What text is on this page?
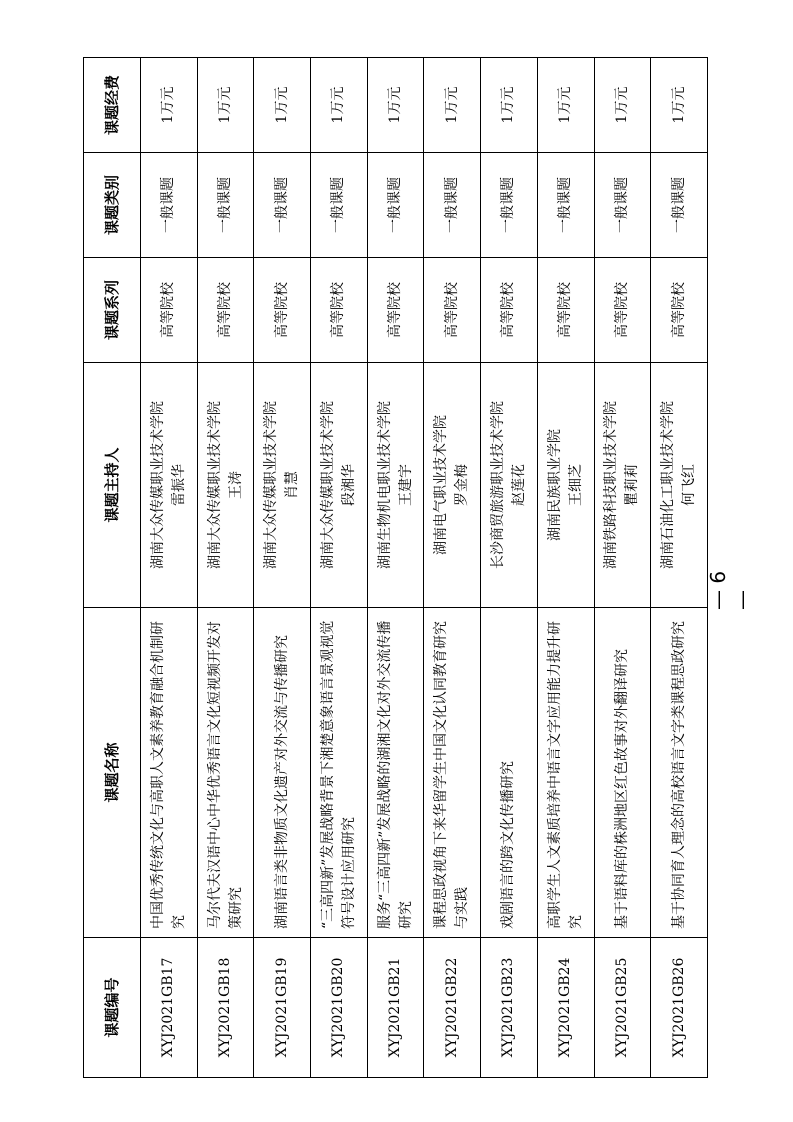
课题编号	课题名称	课题主持人	课题系列	课题类别	课题经费
XYJ2021GB17	中国优秀传统文化与高职人文素养教育融合机制研究	湖南大众传媒职业技术学院 雷振华	高等院校	一般课题	1万元
XYJ2021GB18	马尔代夫汉语中心中华优秀语言文化短视频开发对策研究	湖南大众传媒职业技术学院 王涛	高等院校	一般课题	1万元
XYJ2021GB19	湖南语言类非物质文化遗产对外交流与传播研究	湖南大众传媒职业技术学院 肖慧	高等院校	一般课题	1万元
XYJ2021GB20	“三高四新”发展战略背景下湘楚意象语言景观视觉符号设计应用研究	湖南大众传媒职业技术学院 段湘华	高等院校	一般课题	1万元
XYJ2021GB21	服务“三高四新”发展战略的湖湘文化对外交流传播研究	湖南生物机电职业技术学院 王建宇	高等院校	一般课题	1万元
XYJ2021GB22	课程思政视角下来华留学生中国文化认同教育研究与实践	湖南电气职业技术学院 罗金梅	高等院校	一般课题	1万元
XYJ2021GB23	戏剧语言的跨文化传播研究	长沙商贸旅游职业技术学院 赵莲花	高等院校	一般课题	1万元
XYJ2021GB24	高职学生人文素质培养中语言文字应用能力提升研究	湖南民族职业学院 王细芝	高等院校	一般课题	1万元
XYJ2021GB25	基于语料库的株洲地区红色故事对外翻译研究	湖南铁路科技职业技术学院 瞿莉莉	高等院校	一般课题	1万元
XYJ2021GB26	基于协同育人理念的高校语言文字类课程思政研究	湖南石油化工职业技术学院 何飞红	高等院校	一般课题	1万元
— 6 —
